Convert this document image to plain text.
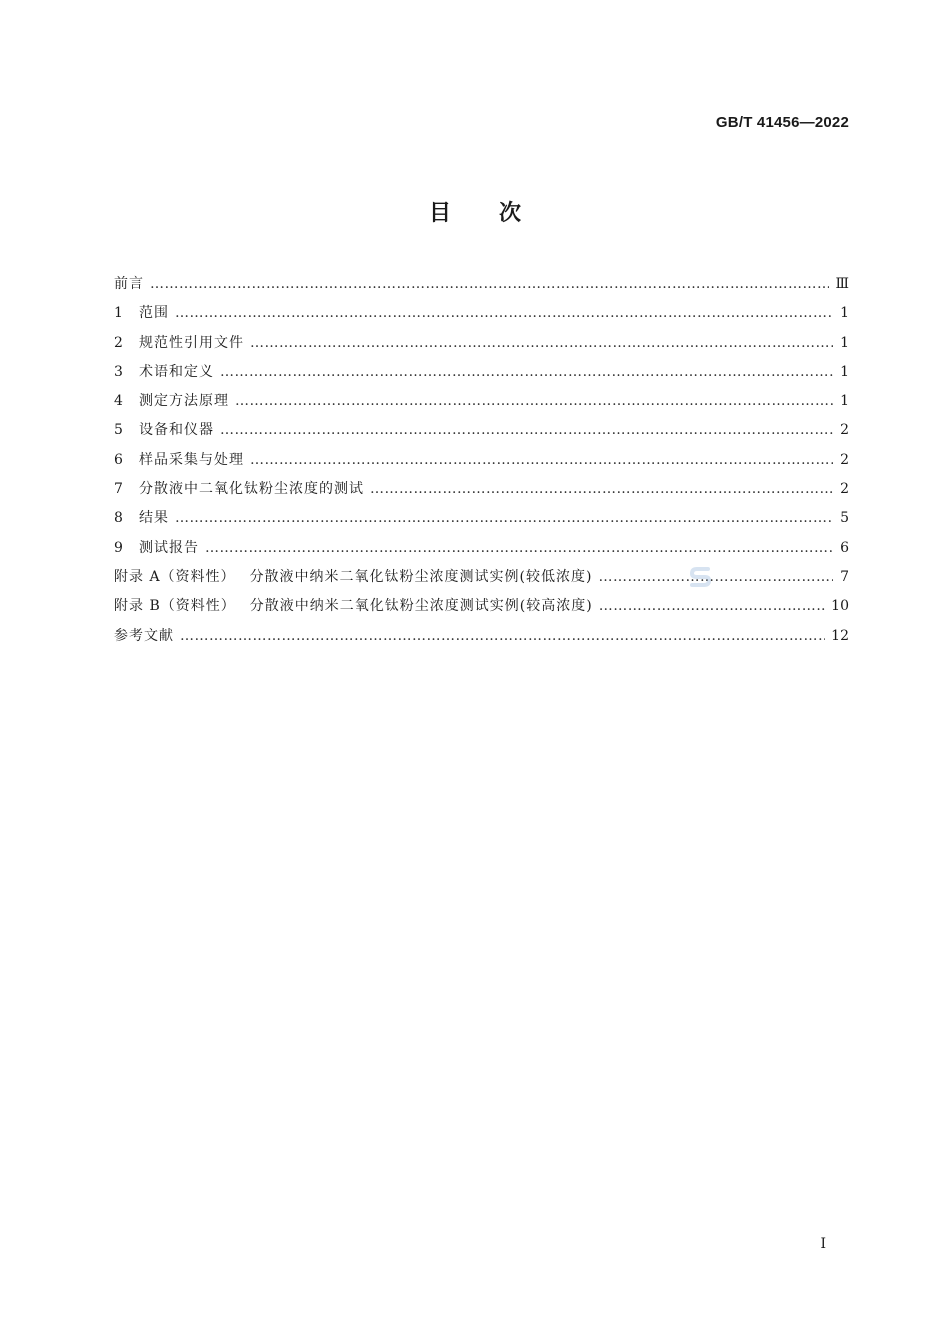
GB/T 41456—2022
目 次
前言 …………………………………………………………………………………………………………………………………………………………………………	Ⅲ
1	范围 …………………………………………………………………………………………………………………………………………………………………………	1
2	规范性引用文件 …………………………………………………………………………………………………………………………………………………………………………	1
3	术语和定义 …………………………………………………………………………………………………………………………………………………………………………	1
4	测定方法原理 …………………………………………………………………………………………………………………………………………………………………………	1
5	设备和仪器 …………………………………………………………………………………………………………………………………………………………………………	2
6	样品采集与处理 …………………………………………………………………………………………………………………………………………………………………………	2
7	分散液中二氧化钛粉尘浓度的测试 …………………………………………………………………………………………………………………………………………………………………………	2
8	结果 …………………………………………………………………………………………………………………………………………………………………………	5
9	测试报告 …………………………………………………………………………………………………………………………………………………………………………	6
附录 A（资料性） 分散液中纳米二氧化钛粉尘浓度测试实例(较低浓度) …………………………………………………………………………………………………………………………………………………………………………	7
附录 B（资料性） 分散液中纳米二氧化钛粉尘浓度测试实例(较高浓度) …………………………………………………………………………………………………………………………………………………………………………	10
参考文献 …………………………………………………………………………………………………………………………………………………………………………	12
I
